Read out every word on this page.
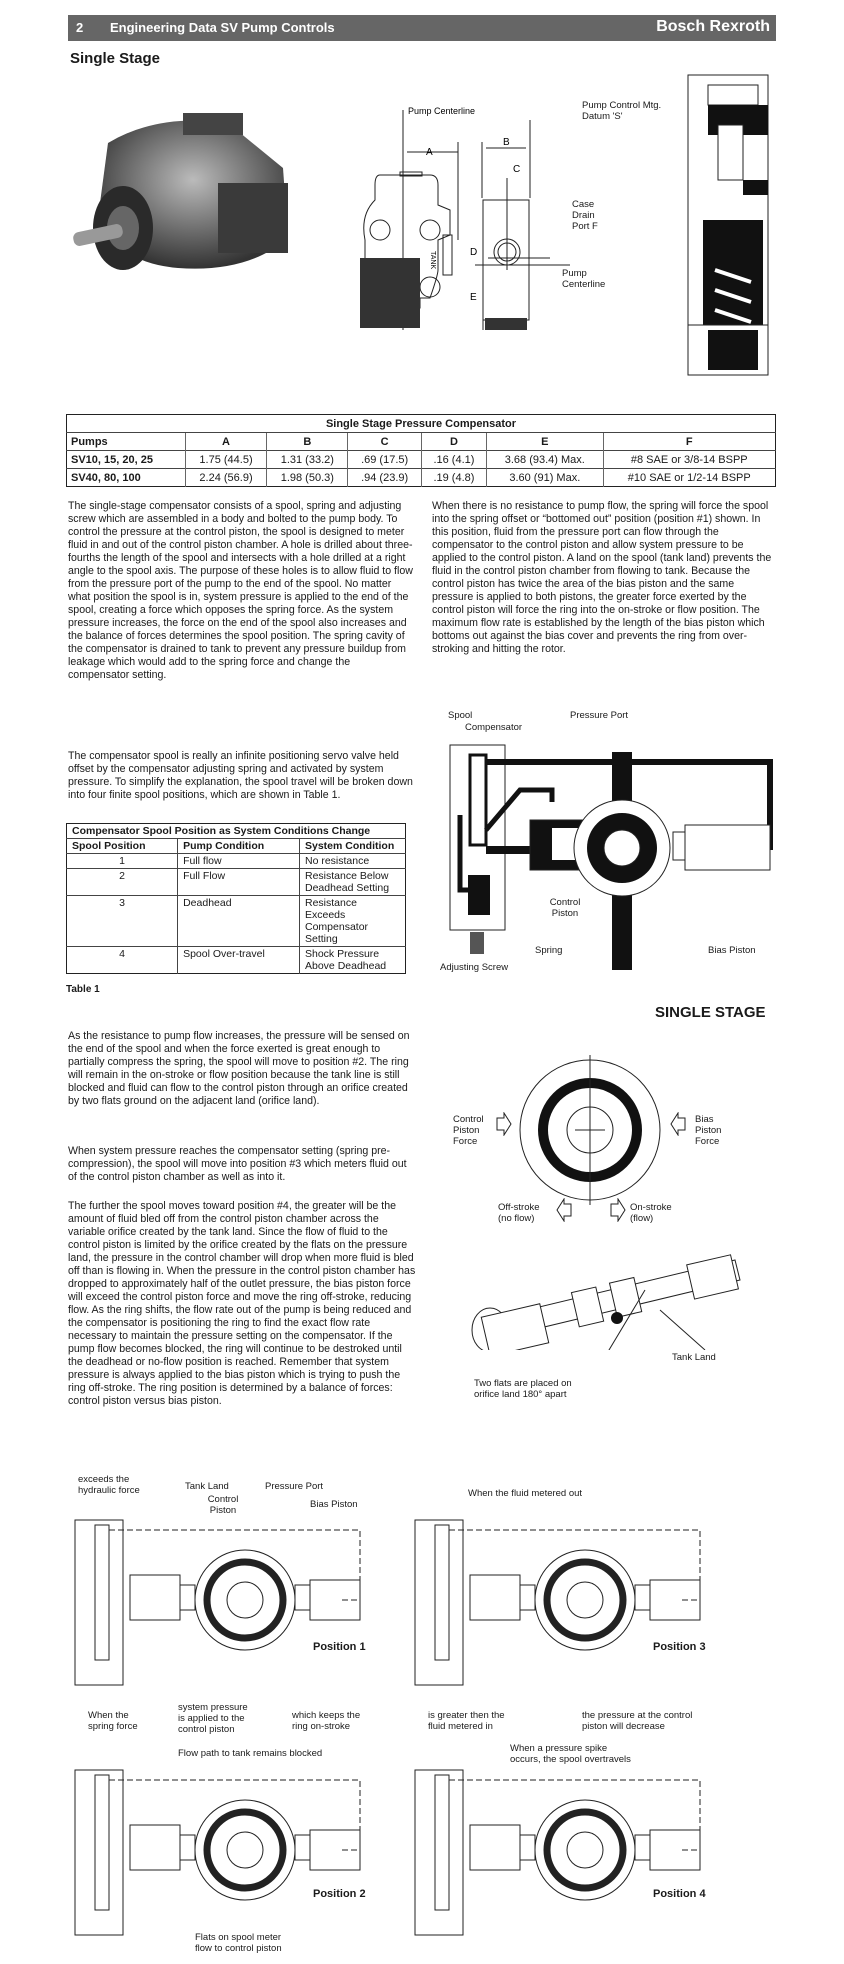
2 Engineering Data SV Pump Controls	Bosch Rexroth
Single Stage
Pump Centerline
A
B
C
D
E
TANK
Pump Control Mtg. Datum 'S'
Case Drain Port F
Pump Centerline
Single Stage Pressure Compensator						
Pumps	A	B	C	D	E	F
SV10, 15, 20, 25	1.75 (44.5)	1.31 (33.2)	.69 (17.5)	.16 (4.1)	3.68 (93.4) Max.	#8 SAE or 3/8-14 BSPP
SV40, 80, 100	2.24 (56.9)	1.98 (50.3)	.94 (23.9)	.19 (4.8)	3.60 (91) Max.	#10 SAE or 1/2-14 BSPP
The single-stage compensator consists of a spool, spring and adjusting screw which are assembled in a body and bolted to the pump body. To control the pressure at the control piston, the spool is designed to meter fluid in and out of the control piston chamber. A hole is drilled about three-fourths the length of the spool and intersects with a hole drilled at a right angle to the spool axis. The purpose of these holes is to allow fluid to flow from the pressure port of the pump to the end of the spool. No matter what position the spool is in, system pressure is applied to the end of the spool, creating a force which opposes the spring force. As the system pressure increases, the force on the end of the spool also increases and the balance of forces determines the spool position. The spring cavity of the compensator is drained to tank to prevent any pressure buildup from leakage which would add to the spring force and change the compensator setting.
The compensator spool is really an infinite positioning servo valve held offset by the compensator adjusting spring and activated by system pressure. To simplify the explanation, the spool travel will be broken down into four finite spool positions, which are shown in Table 1.
When there is no resistance to pump flow, the spring will force the spool into the spring offset or “bottomed out” position (position #1) shown. In this position, fluid from the pressure port can flow through the compensator to the control piston and allow system pressure to be applied to the control piston. A land on the spool (tank land) prevents the fluid in the control piston chamber from flowing to tank. Because the control piston has twice the area of the bias piston and the same pressure is applied to both pistons, the greater force exerted by the control piston will force the ring into the on-stroke or flow position. The maximum flow rate is established by the length of the bias piston which bottoms out against the bias cover and prevents the ring from over-stroking and hitting the rotor.
Compensator Spool Position as System Conditions Change		
Spool Position	Pump Condition	System Condition
1	Full flow	No resistance
2	Full Flow	Resistance Below Deadhead Setting
3	Deadhead	Resistance Exceeds Compensator Setting
4	Spool Over-travel	Shock Pressure Above Deadhead
Table 1
Spool
Compensator
Pressure Port
Control Piston
Spring	Bias Piston
Adjusting Screw
SINGLE STAGE
As the resistance to pump flow increases, the pressure will be sensed on the end of the spool and when the force exerted is great enough to partially compress the spring, the spool will move to position #2. The ring will remain in the on-stroke or flow position because the tank line is still blocked and fluid can flow to the control piston through an orifice created by two flats ground on the adjacent land (orifice land).
When system pressure reaches the compensator setting (spring pre-compression), the spool will move into position #3 which meters fluid out of the control piston chamber as well as into it.
The further the spool moves toward position #4, the greater will be the amount of fluid bled off from the control piston chamber across the variable orifice created by the tank land. Since the flow of fluid to the control piston is limited by the orifice created by the flats on the pressure land, the pressure in the control chamber will drop when more fluid is bled off than is flowing in. When the pressure in the control piston chamber has dropped to approximately half of the outlet pressure, the bias piston force will exceed the control piston force and move the ring off-stroke, reducing flow. As the ring shifts, the flow rate out of the pump is being reduced and the compensator is positioning the ring to find the exact flow rate necessary to maintain the pressure setting on the compensator. If the pump flow becomes blocked, the ring will continue to be destroked until the deadhead or no-flow position is reached. Remember that system pressure is always applied to the bias piston which is trying to push the ring off-stroke. The ring position is determined by a balance of forces: control piston versus bias piston.
Control Piston Force
Bias Piston Force
Off-stroke (no flow)
On-stroke (flow)
Tank Land
Two flats are placed on orifice land 180° apart
Position 1	Position 3
Position 2	Position 4
exceeds the hydraulic force	Tank Land
Control Piston
Pressure Port
Bias Piston
When the spring force
system pressure is applied to the control piston
which keeps the ring on-stroke
Flow path to tank remains blocked
Flats on spool meter flow to control piston
When the fluid metered out
is greater then the fluid metered in
the pressure at the control piston will decrease
When a pressure spike occurs, the spool overtravels
